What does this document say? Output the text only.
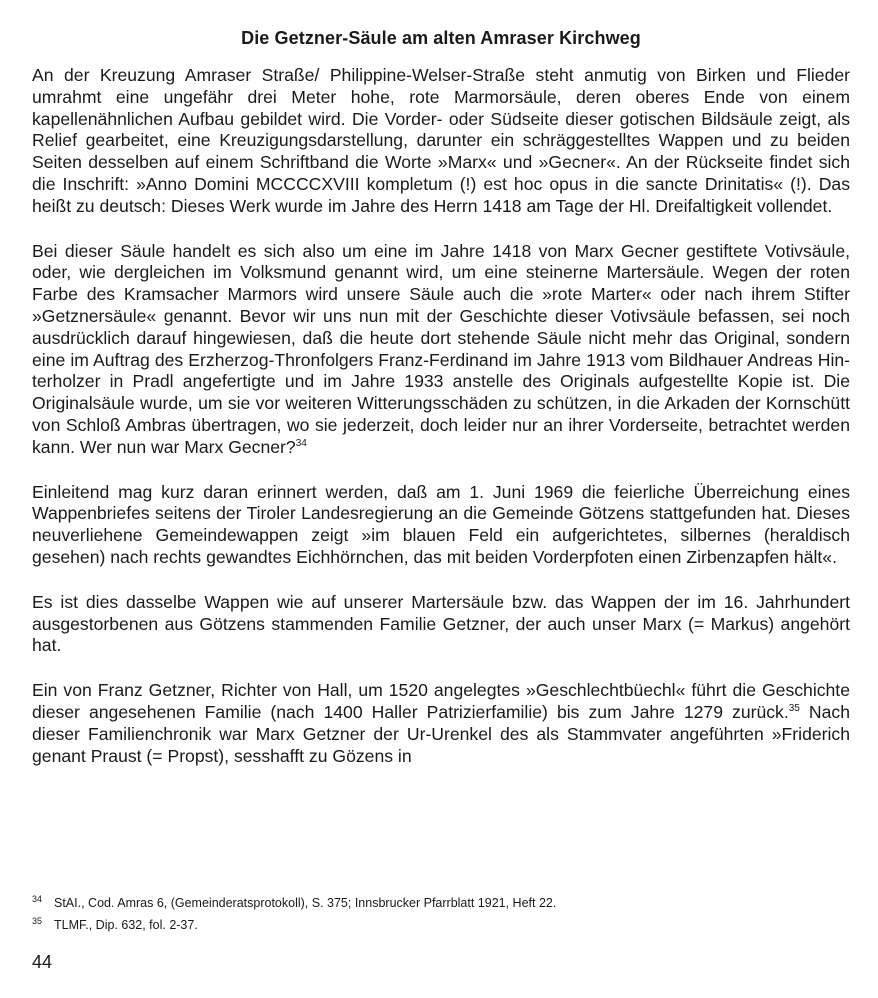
Die Getzner-Säule am alten Amraser Kirchweg

An der Kreuzung Amraser Straße/ Philippine-Welser-Straße steht anmutig von Birken und Flieder umrahmt eine ungefähr drei Meter hohe, rote Marmorsäule, deren oberes Ende von einem kapellenähnlichen Aufbau gebildet wird. Die Vorder- oder Südseite dieser gotischen Bildsäule zeigt, als Relief gearbeitet, eine Kreuzigungsdarstellung, darunter ein schräggestelltes Wappen und zu beiden Seiten desselben auf einem Schriftband die Worte »Marx« und »Gecner«. An der Rückseite findet sich die Inschrift: »Anno Domini MCCCCXVIII kompletum (!) est hoc opus in die sancte Drinitatis« (!). Das heißt zu deutsch: Dieses Werk wurde im Jahre des Herrn 1418 am Tage der Hl. Dreifaltigkeit vollendet.

Bei dieser Säule handelt es sich also um eine im Jahre 1418 von Marx Gecner gestiftete Votivsäule, oder, wie dergleichen im Volksmund genannt wird, um eine steinerne Martersäule. Wegen der roten Farbe des Kramsacher Marmors wird unsere Säule auch die »rote Marter« oder nach ihrem Stifter »Getznersäule« genannt. Bevor wir uns nun mit der Geschichte dieser Votivsäule befassen, sei noch ausdrücklich darauf hingewiesen, daß die heute dort stehende Säule nicht mehr das Original, sondern eine im Auftrag des Erzherzog-Thronfolgers Franz-Ferdinand im Jahre 1913 vom Bildhauer Andreas Hinterholzer in Pradl angefertigte und im Jahre 1933 anstelle des Originals aufgestellte Kopie ist. Die Originalsäule wurde, um sie vor weiteren Witterungsschäden zu schützen, in die Arkaden der Kornschütt von Schloß Ambras übertragen, wo sie jederzeit, doch leider nur an ihrer Vorderseite, betrachtet werden kann. Wer nun war Marx Gecner?$^{34}$

Einleitend mag kurz daran erinnert werden, daß am 1. Juni 1969 die feierliche Überreichung eines Wappenbriefes seitens der Tiroler Landesregierung an die Gemeinde Götzens stattgefunden hat. Dieses neuverliehene Gemeindewappen zeigt »im blauen Feld ein aufgerichtetes, silbernes (heraldisch gesehen) nach rechts gewandtes Eichhörnchen, das mit beiden Vorderpfoten einen Zirbenzapfen hält«.

Es ist dies dasselbe Wappen wie auf unserer Martersäule bzw. das Wappen der im 16. Jahrhundert ausgestorbenen aus Götzens stammenden Familie Getzner, der auch unser Marx (= Markus) angehört hat.

Ein von Franz Getzner, Richter von Hall, um 1520 angelegtes »Geschlechtbüechl« führt die Geschichte dieser angesehenen Familie (nach 1400 Haller Patrizierfamilie) bis zum Jahre 1279 zurück.$^{35}$ Nach dieser Familienchronik war Marx Getzner der Ur-Urenkel des als Stammvater angeführten »Friderich genant Praust (= Propst), sesshafft zu Gözens in

34 StAI., Cod. Amras 6, (Gemeinderatsprotokoll), S. 375; Innsbrucker Pfarrblatt 1921, Heft 22.

35 TLMF., Dip. 632, fol. 2-37.

44
